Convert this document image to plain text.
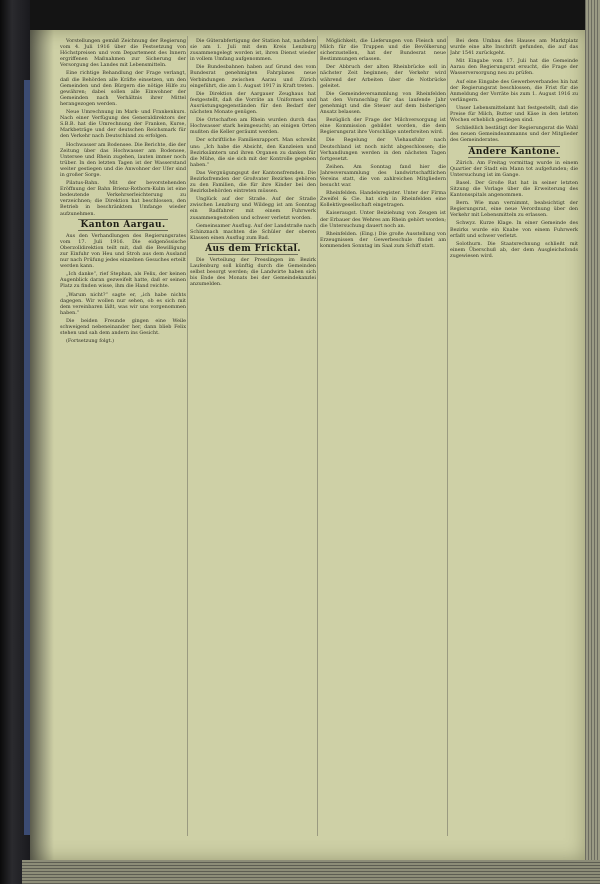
Vorstellungen gemäß Zeichnung der Regierung vom 4. Juli 1916 über die Festsetzung von Höchstpreisen und vom Departement des Innern ergriffenen Maßnahmen zur Sicherung der Versorgung des Landes mit Lebensmitteln.

Eine richtige Behandlung der Frage verlangt, daß die Behörden alle Kräfte einsetzen, um den Gemeinden und den Bürgern die nötige Hilfe zu gewähren; dabei sollen alle Einwohner der Gemeinden nach Verhältnis ihrer Mittel herangezogen werden.

Neue Umrechnung im Mark- und Frankenkurs. Nach einer Verfügung des Generaldirektors der S.B.B. hat die Umrechnung der Franken, Kurse, Markbeträge und der deutschen Reichsmark für den Verkehr nach Deutschland zu erfolgen.

Hochwasser am Bodensee. Die Berichte, die der Zeitung über das Hochwasser am Bodensee, Untersee und Rhein zugehen, lauten immer noch trüber. In den letzten Tagen ist der Wasserstand weiter gestiegen und die Anwohner der Ufer sind in großer Sorge.

Pilatus-Bahn. Mit der bevorstehenden Eröffnung der Bahn Brienz-Rothorn-Kulm ist eine bedeutende Verkehrserleichterung zu verzeichnen; die Direktion hat beschlossen, den Betrieb in beschränktem Umfange wieder aufzunehmen.

Kanton Aargau.

Aus den Verhandlungen des Regierungsrates vom 17. Juli 1916. Die eidgenössische Oberzolldirektion teilt mit, daß die Bewilligung zur Einfuhr von Heu und Stroh aus dem Ausland nur nach Prüfung jedes einzelnen Gesuches erteilt werden kann.

„Ich danke“, rief Stephan, als Felix, der keinen Augenblick daran gezweifelt hatte, daß er seinen Platz zu finden wisse, ihm die Hand reichte.

„Warum nicht?“ sagte er, „ich habe nichts dagegen. Wir wollen nur sehen, ob es sich mit dem vereinbaren läßt, was wir uns vorgenommen haben.“

Die beiden Freunde gingen eine Weile schweigend nebeneinander her, dann blieb Felix stehen und sah dem andern ins Gesicht.

(Fortsetzung folgt.)

Die Güterabfertigung der Station hat, nachdem sie am 1. Juli mit dem Kreis Lenzburg zusammengelegt worden ist, ihren Dienst wieder in vollem Umfang aufgenommen.

Die Bundesbahnen haben auf Grund des vom Bundesrat genehmigten Fahrplanes neue Verbindungen zwischen Aarau und Zürich eingeführt, die am 1. August 1917 in Kraft treten.

Die Direktion der Aargauer Zeughaus hat festgestellt, daß die Vorräte an Uniformen und Ausrüstungsgegenständen für den Bedarf der nächsten Monate genügen.

Die Ortschaften am Rhein wurden durch das Hochwasser stark heimgesucht; an einigen Orten mußten die Keller geräumt werden.

Der schriftliche Familienrapport. Man schreibt uns: „Ich habe die Absicht, den Kanzleien und Bezirksämtern und ihren Organen zu danken für die Mühe, die sie sich mit der Kontrolle gegeben haben.“

Das Vergnügungsgut der Kantonsfremden. Die Bezirksfremden der Großvater Bezirkes gehören zu den Familien, die für ihre Kinder bei den Bezirksbehörden eintreten müssen.

Unglück auf der Straße. Auf der Straße zwischen Lenzburg und Wildegg ist am Sonntag ein Radfahrer mit einem Fuhrwerk zusammengestoßen und schwer verletzt worden.

Gemeinsamer Ausflug. Auf der Landstraße nach Schinznach machten die Schüler der oberen Klassen einen Ausflug zum Bad.

Aus dem Fricktal.

Die Verteilung der Presslingen im Bezirk Laufenburg soll künftig durch die Gemeinden selbst besorgt werden; die Landwirte haben sich bis Ende des Monats bei der Gemeindekanzlei anzumelden.

Möglichkeit, die Lieferungen von Fleisch und Milch für die Truppen und die Bevölkerung sicherzustellen, hat der Bundesrat neue Bestimmungen erlassen.

Der Abbruch der alten Rheinbrücke soll in nächster Zeit beginnen; der Verkehr wird während der Arbeiten über die Notbrücke geleitet.

Die Gemeindeversammlung von Rheinfelden hat den Voranschlag für das laufende Jahr genehmigt und die Steuer auf dem bisherigen Ansatz belassen.

Bezüglich der Frage der Milchversorgung ist eine Kommission gebildet worden, die dem Regierungsrat ihre Vorschläge unterbreiten wird.

Die Regelung der Viehausfuhr nach Deutschland ist noch nicht abgeschlossen; die Verhandlungen werden in den nächsten Tagen fortgesetzt.

Zeihen. Am Sonntag fand hier die Jahresversammlung des landwirtschaftlichen Vereins statt, die von zahlreichen Mitgliedern besucht war.

Rheinfelden. Handelsregister. Unter der Firma Zweifel & Cie. hat sich in Rheinfelden eine Kollektivgesellschaft eingetragen.

Kaiseraugst. Unter Beiziehung von Zeugen ist der Erbauer des Wehres am Rhein gehört worden; die Untersuchung dauert noch an.

Rheinfelden. (Eing.) Die große Ausstellung von Erzeugnissen der Gewerbeschule findet am kommenden Sonntag im Saal zum Schiff statt.

Bei dem Umbau des Hauses am Marktplatz wurde eine alte Inschrift gefunden, die auf das Jahr 1541 zurückgeht.

Mit Eingabe vom 17. Juli hat die Gemeinde Aarau den Regierungsrat ersucht, die Frage der Wasserversorgung neu zu prüfen.

Auf eine Eingabe des Gewerbeverbandes hin hat der Regierungsrat beschlossen, die Frist für die Anmeldung der Vorräte bis zum 1. August 1916 zu verlängern.

Unser Lebensmittelamt hat festgestellt, daß die Preise für Milch, Butter und Käse in den letzten Wochen erheblich gestiegen sind.

Schließlich bestätigt der Regierungsrat die Wahl des neuen Gemeindeammanns und der Mitglieder des Gemeinderates.

Andere Kantone.

Zürich. Am Freitag vormittag wurde in einem Quartier der Stadt ein Mann tot aufgefunden; die Untersuchung ist im Gange.

Basel. Der Große Rat hat in seiner letzten Sitzung die Vorlage über die Erweiterung des Kantonsspitals angenommen.

Bern. Wie man vernimmt, beabsichtigt der Regierungsrat, eine neue Verordnung über den Verkehr mit Lebensmitteln zu erlassen.

Schwyz. Kurze Klage. In einer Gemeinde des Bezirks wurde ein Knabe von einem Fuhrwerk erfaßt und schwer verletzt.

Solothurn. Die Staatsrechnung schließt mit einem Überschuß ab, der dem Ausgleichsfonds zugewiesen wird.
